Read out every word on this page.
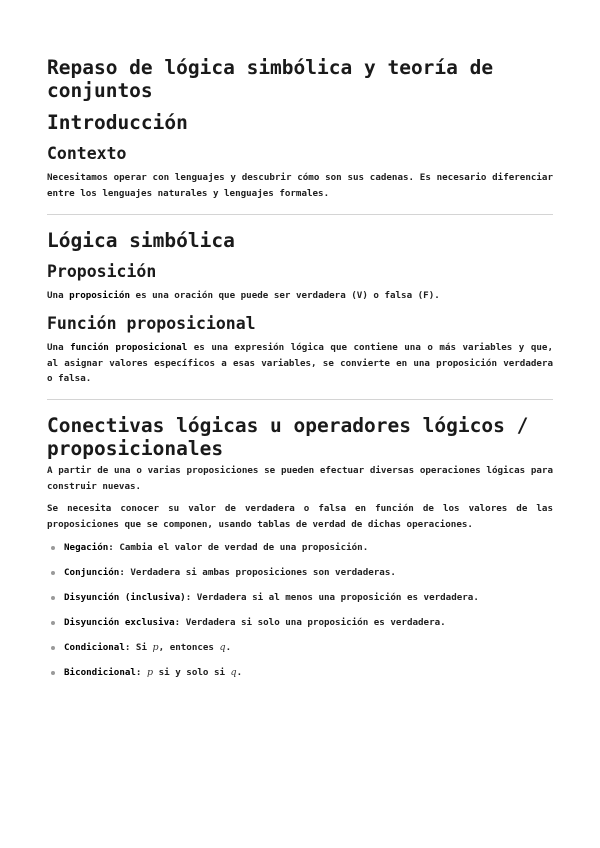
Repaso de lógica simbólica y teoría de conjuntos
Introducción
Contexto

Necesitamos operar con lenguajes y descubrir cómo son sus cadenas. Es necesario diferenciar entre los lenguajes naturales y lenguajes formales.

Lógica simbólica
Proposición

Una proposición es una oración que puede ser verdadera (V) o falsa (F).

Función proposicional

Una función proposicional es una expresión lógica que contiene una o más variables y que, al asignar valores específicos a esas variables, se convierte en una proposición verdadera o falsa.

Conectivas lógicas u operadores lógicos / proposicionales

A partir de una o varias proposiciones se pueden efectuar diversas operaciones lógicas para construir nuevas.

Se necesita conocer su valor de verdadera o falsa en función de los valores de las proposiciones que se componen, usando tablas de verdad de dichas operaciones.

Negación: Cambia el valor de verdad de una proposición.
Conjunción: Verdadera si ambas proposiciones son verdaderas.
Disyunción (inclusiva): Verdadera si al menos una proposición es verdadera.
Disyunción exclusiva: Verdadera si solo una proposición es verdadera.
Condicional: Si p, entonces q.
Bicondicional: p si y solo si q.
